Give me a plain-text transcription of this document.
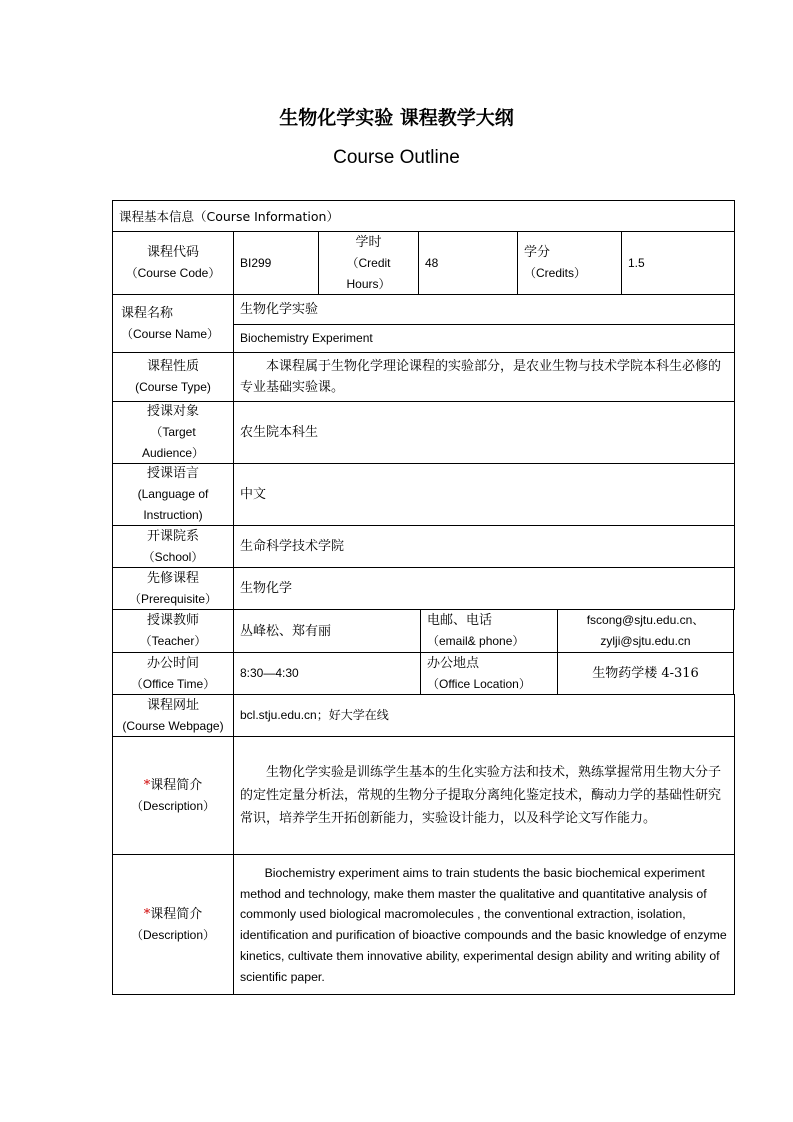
生物化学实验 课程教学大纲
Course Outline
课程基本信息（Course Information）
课程代码
（Course Code）
BI299
学时
（Credit
Hours）
48
学分
（Credits）
1.5
课程名称
（Course Name）
生物化学实验
Biochemistry Experiment
课程性质
(Course Type)
本课程属于生物化学理论课程的实验部分，是农业生物与技术学院本科生必修的专业基础实验课。
授课对象
（Target
Audience）
农生院本科生
授课语言
(Language of
Instruction)
中文
开课院系
（School）
生命科学技术学院
先修课程
（Prerequisite）
生物化学
授课教师
（Teacher）
丛峰松、郑有丽
电邮、电话
（email& phone）
fscong@sjtu.edu.cn、
zylji@sjtu.edu.cn
办公时间
（Office Time）
8:30—4:30
办公地点
（Office Location）
生物药学楼 4-316
课程网址
(Course Webpage)
bcl.stju.edu.cn；好大学在线
*课程简介
（Description）
生物化学实验是训练学生基本的生化实验方法和技术，熟练掌握常用生物大分子的定性定量分析法，常规的生物分子提取分离纯化鉴定技术，酶动力学的基础性研究常识，培养学生开拓创新能力，实验设计能力，以及科学论文写作能力。
*课程简介
（Description）
Biochemistry experiment aims to train students the basic biochemical experiment method and technology, make them master the qualitative and quantitative analysis of commonly used biological macromolecules , the conventional extraction, isolation, identification and purification of bioactive compounds and the basic knowledge of enzyme kinetics, cultivate them innovative ability, experimental design ability and writing ability of scientific paper.
